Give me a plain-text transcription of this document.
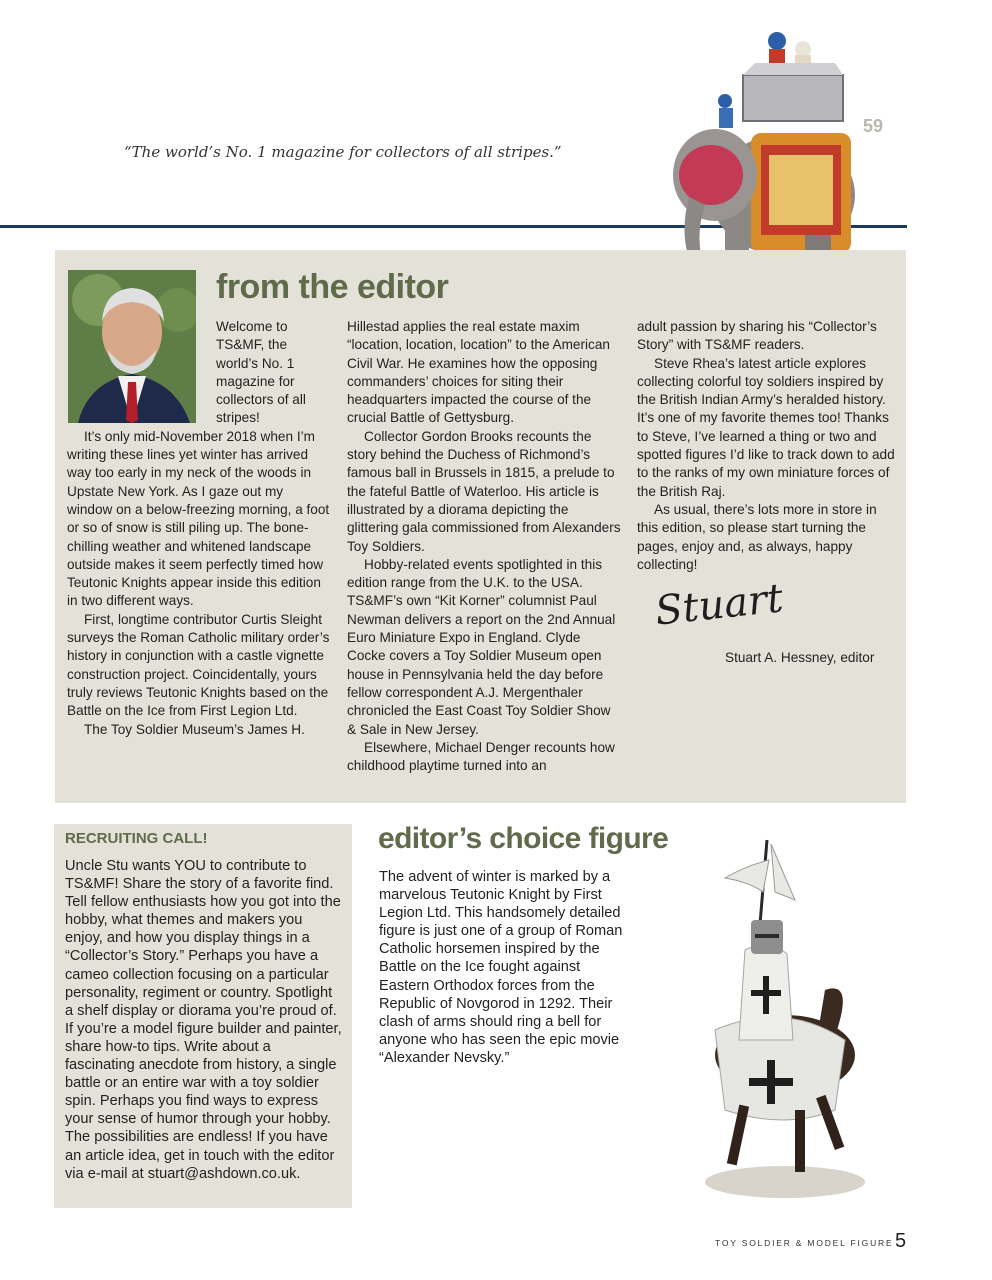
“The world’s No. 1 magazine for collectors of all stripes.”
59
from the editor

Welcome to TS&MF, the world’s No. 1 magazine for collectors of all stripes!

It’s only mid-November 2018 when I’m writing these lines yet winter has arrived way too early in my neck of the woods in Upstate New York. As I gaze out my window on a below-freezing morning, a foot or so of snow is still piling up. The bone-chilling weather and whitened landscape outside makes it seem perfectly timed how Teutonic Knights appear inside this edition in two different ways.

First, longtime contributor Curtis Sleight surveys the Roman Catholic military order’s history in conjunction with a castle vignette construction project. Coincidentally, yours truly reviews Teutonic Knights based on the Battle on the Ice from First Legion Ltd.

The Toy Soldier Museum’s James H.

Hillestad applies the real estate maxim “location, location, location” to the American Civil War. He examines how the opposing commanders’ choices for siting their headquarters impacted the course of the crucial Battle of Gettysburg.

Collector Gordon Brooks recounts the story behind the Duchess of Richmond’s famous ball in Brussels in 1815, a prelude to the fateful Battle of Waterloo. His article is illustrated by a diorama depicting the glittering gala commissioned from Alexanders Toy Soldiers.

Hobby-related events spotlighted in this edition range from the U.K. to the USA. TS&MF’s own “Kit Korner” columnist Paul Newman delivers a report on the 2nd Annual Euro Miniature Expo in England. Clyde Cocke covers a Toy Soldier Museum open house in Pennsylvania held the day before fellow correspondent A.J. Mergenthaler chronicled the East Coast Toy Soldier Show & Sale in New Jersey.

Elsewhere, Michael Denger recounts how childhood playtime turned into an

adult passion by sharing his “Collector’s Story” with TS&MF readers.

Steve Rhea’s latest article explores collecting colorful toy soldiers inspired by the British Indian Army’s heralded history. It’s one of my favorite themes too! Thanks to Steve, I’ve learned a thing or two and spotted figures I’d like to track down to add to the ranks of my own miniature forces of the British Raj.

As usual, there’s lots more in store in this edition, so please start turning the pages, enjoy and, as always, happy collecting!

Stuart
Stuart A. Hessney, editor
RECRUITING CALL!

Uncle Stu wants YOU to contribute to TS&MF! Share the story of a favorite find. Tell fellow enthusiasts how you got into the hobby, what themes and makers you enjoy, and how you display things in a “Collector’s Story.” Perhaps you have a cameo collection focusing on a particular personality, regiment or country. Spotlight a shelf display or diorama you’re proud of. If you’re a model figure builder and painter, share how-to tips. Write about a fascinating anecdote from history, a single battle or an entire war with a toy soldier spin. Perhaps you find ways to express your sense of humor through your hobby. The possibilities are endless! If you have an article idea, get in touch with the editor via e-mail at stuart@ashdown.co.uk.

editor’s choice figure

The advent of winter is marked by a marvelous Teutonic Knight by First Legion Ltd. This handsomely detailed figure is just one of a group of Roman Catholic horsemen inspired by the Battle on the Ice fought against Eastern Orthodox forces from the Republic of Novgorod in 1292. Their clash of arms should ring a bell for anyone who has seen the epic movie “Alexander Nevsky.”

TOY SOLDIER & MODEL FIGURE 5
